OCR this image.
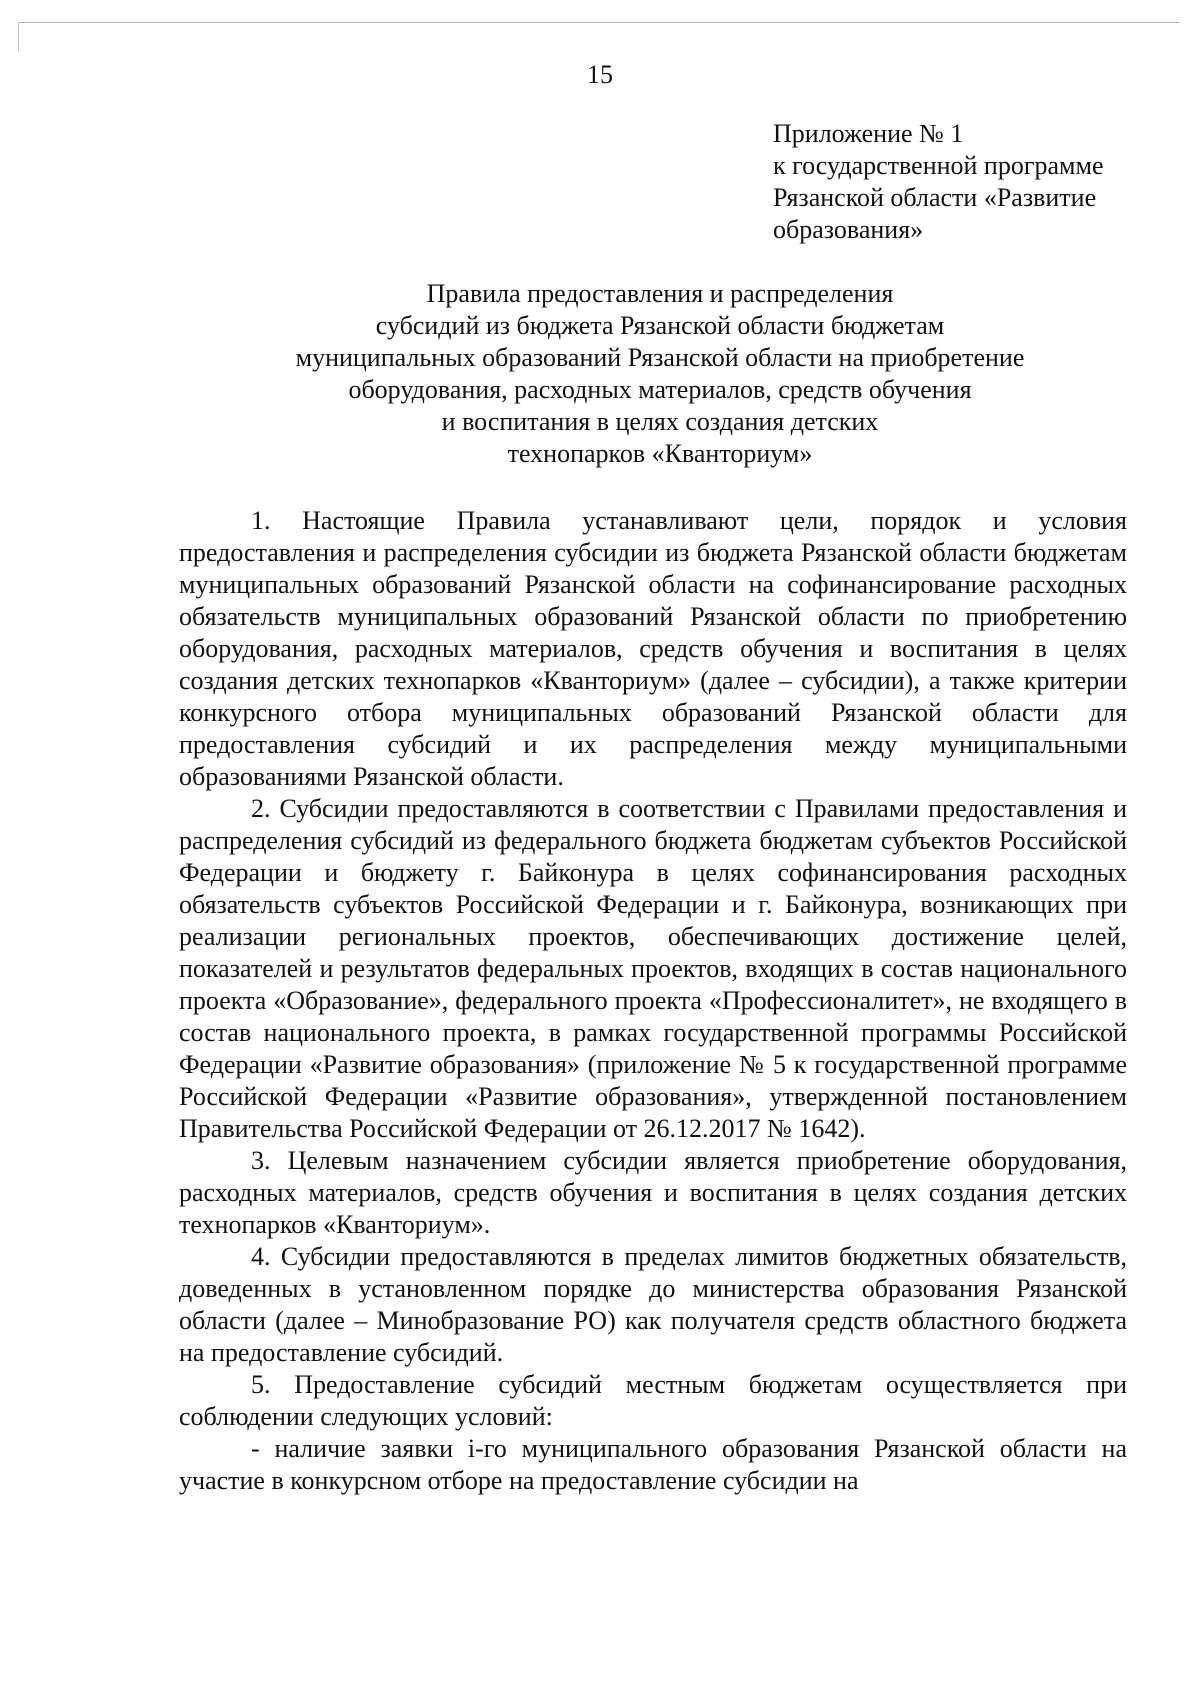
15
Приложение № 1
к государственной программе
Рязанской области «Развитие
образования»
Правила предоставления и распределения
субсидий из бюджета Рязанской области бюджетам
муниципальных образований Рязанской области на приобретение
оборудования, расходных материалов, средств обучения
и воспитания в целях создания детских
технопарков «Кванториум»

1. Настоящие Правила устанавливают цели, порядок и условия предоставления и распределения субсидии из бюджета Рязанской области бюджетам муниципальных образований Рязанской области на софинансирование расходных обязательств муниципальных образований Рязанской области по приобретению оборудования, расходных материалов, средств обучения и воспитания в целях создания детских технопарков «Кванториум» (далее – субсидии), а также критерии конкурсного отбора муниципальных образований Рязанской области для предоставления субсидий и их распределения между муниципальными образованиями Рязанской области.

2. Субсидии предоставляются в соответствии с Правилами предоставления и распределения субсидий из федерального бюджета бюджетам субъектов Российской Федерации и бюджету г. Байконура в целях софинансирования расходных обязательств субъектов Российской Федерации и г. Байконура, возникающих при реализации региональных проектов, обеспечивающих достижение целей, показателей и результатов федеральных проектов, входящих в состав национального проекта «Образование», федерального проекта «Профессионалитет», не входящего в состав национального проекта, в рамках государственной программы Российской Федерации «Развитие образования» (приложение № 5 к государственной программе Российской Федерации «Развитие образования», утвержденной постановлением Правительства Российской Федерации от 26.12.2017 № 1642).

3. Целевым назначением субсидии является приобретение оборудования, расходных материалов, средств обучения и воспитания в целях создания детских технопарков «Кванториум».

4. Субсидии предоставляются в пределах лимитов бюджетных обязательств, доведенных в установленном порядке до министерства образования Рязанской области (далее – Минобразование РО) как получателя средств областного бюджета на предоставление субсидий.

5. Предоставление субсидий местным бюджетам осуществляется при соблюдении следующих условий:

- наличие заявки i-го муниципального образования Рязанской области на участие в конкурсном отборе на предоставление субсидии на
